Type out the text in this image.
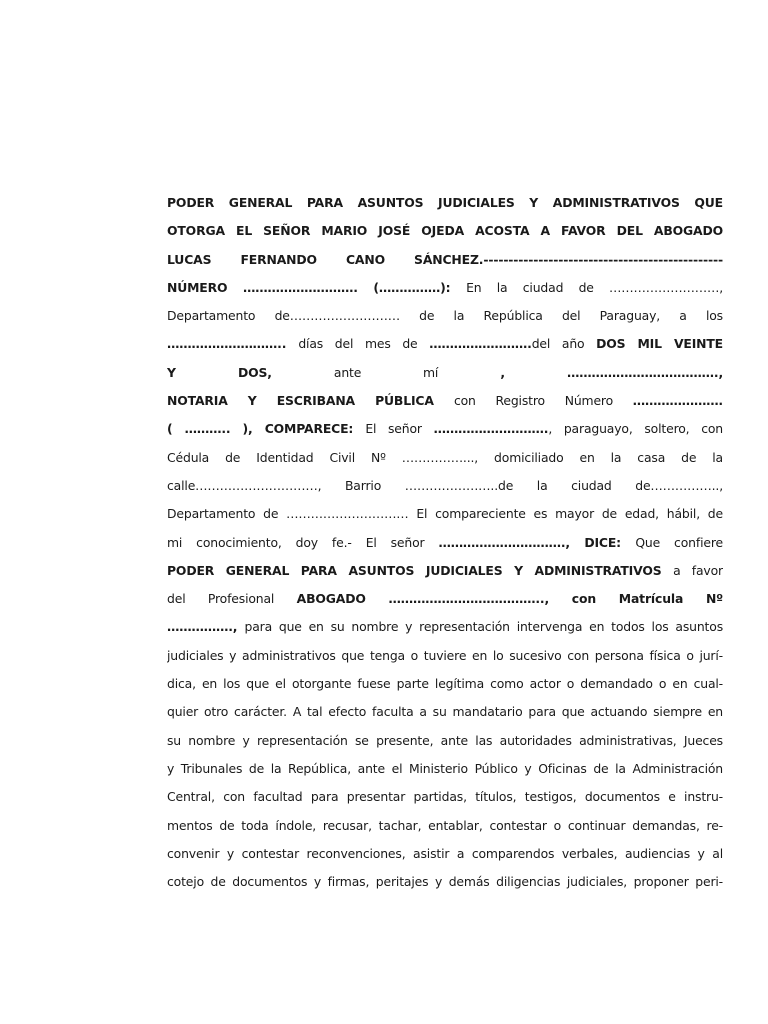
PODER GENERAL PARA ASUNTOS JUDICIALES Y ADMINISTRATIVOS QUE
OTORGA EL SEÑOR MARIO JOSÉ OJEDA ACOSTA A FAVOR DEL ABOGADO
LUCAS FERNANDO CANO SÁNCHEZ.------------------------------------------------
NÚMERO ………………………. (……………): En la ciudad de ………………………,
Departamento de……………………… de la República del Paraguay, a los
……………………….. días del mes de …………………….del año DOS MIL VEINTE
Y DOS, ante mí , ……………………………….,
NOTARIA Y ESCRIBANA PÚBLICA con Registro Número ………………….
( ……….. ), COMPARECE: El señor ………………………., paraguayo, soltero, con
Cédula de Identidad Civil Nº ……………..., domiciliado en la casa de la
calle…………………………, Barrio …………………..de la ciudad de……………..,
Departamento de ………………………… El compareciente es mayor de edad, hábil, de
mi conocimiento, doy fe.- El señor …………………………., DICE: Que confiere
PODER GENERAL PARA ASUNTOS JUDICIALES Y ADMINISTRATIVOS a favor
del Profesional ABOGADO ……………………………….., con Matrícula Nº
……………., para que en su nombre y representación intervenga en todos los asuntos
judiciales y administrativos que tenga o tuviere en lo sucesivo con persona física o jurí-
dica, en los que el otorgante fuese parte legítima como actor o demandado o en cual-
quier otro carácter. A tal efecto faculta a su mandatario para que actuando siempre en
su nombre y representación se presente, ante las autoridades administrativas, Jueces
y Tribunales de la República, ante el Ministerio Público y Oficinas de la Administración
Central, con facultad para presentar partidas, títulos, testigos, documentos e instru-
mentos de toda índole, recusar, tachar, entablar, contestar o continuar demandas, re-
convenir y contestar reconvenciones, asistir a comparendos verbales, audiencias y al
cotejo de documentos y firmas, peritajes y demás diligencias judiciales, proponer peri-
